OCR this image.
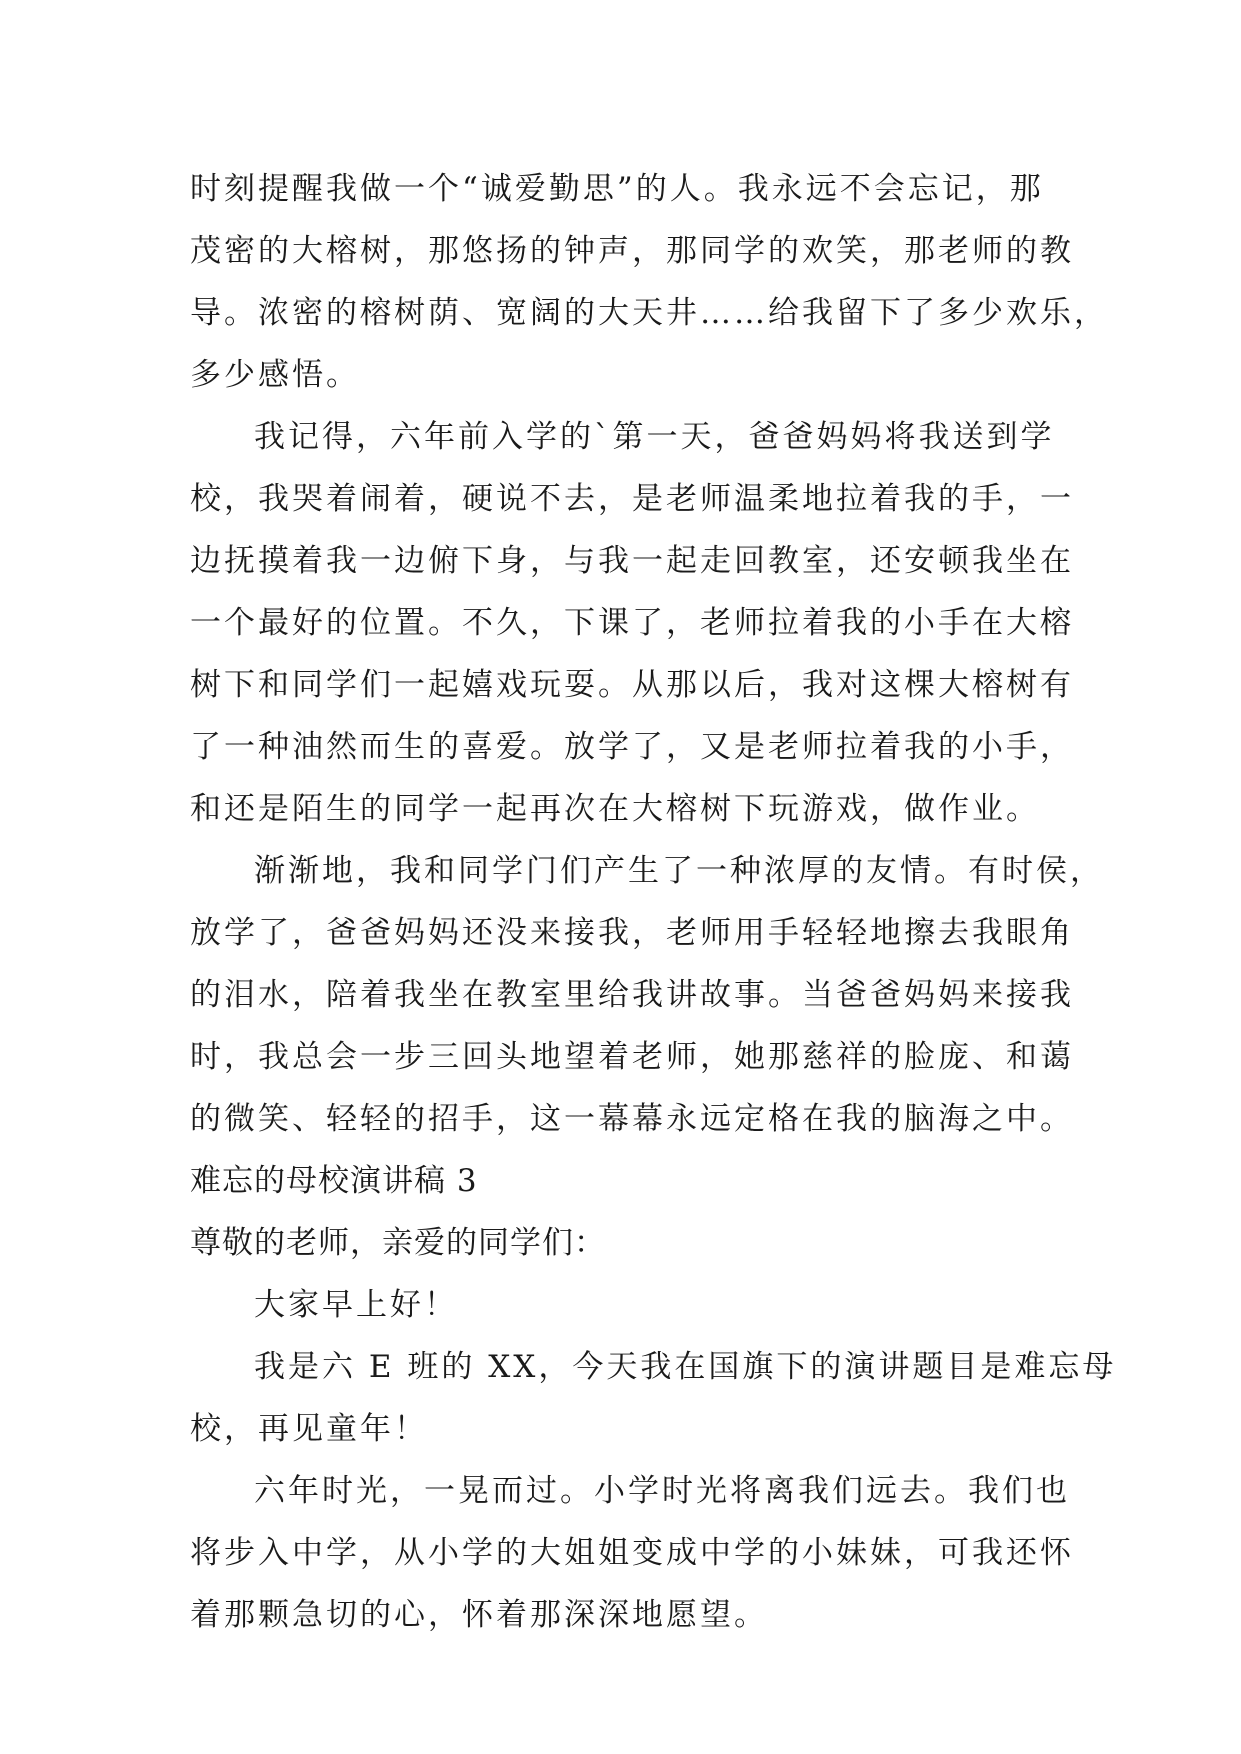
时刻提醒我做一个“诚爱勤思”的人。我永远不会忘记，那
茂密的大榕树，那悠扬的钟声，那同学的欢笑，那老师的教
导。浓密的榕树荫、宽阔的大天井……给我留下了多少欢乐，
多少感悟。
我记得，六年前入学的`第一天，爸爸妈妈将我送到学
校，我哭着闹着，硬说不去，是老师温柔地拉着我的手，一
边抚摸着我一边俯下身，与我一起走回教室，还安顿我坐在
一个最好的位置。不久，下课了，老师拉着我的小手在大榕
树下和同学们一起嬉戏玩耍。从那以后，我对这棵大榕树有
了一种油然而生的喜爱。放学了，又是老师拉着我的小手，
和还是陌生的同学一起再次在大榕树下玩游戏，做作业。
渐渐地，我和同学门们产生了一种浓厚的友情。有时侯，
放学了，爸爸妈妈还没来接我，老师用手轻轻地擦去我眼角
的泪水，陪着我坐在教室里给我讲故事。当爸爸妈妈来接我
时，我总会一步三回头地望着老师，她那慈祥的脸庞、和蔼
的微笑、轻轻的招手，这一幕幕永远定格在我的脑海之中。
难忘的母校演讲稿 3
尊敬的老师，亲爱的同学们：
大家早上好！
我是六 E 班的 XX，今天我在国旗下的演讲题目是难忘母
校，再见童年！
六年时光，一晃而过。小学时光将离我们远去。我们也
将步入中学，从小学的大姐姐变成中学的小妹妹，可我还怀
着那颗急切的心，怀着那深深地愿望。
